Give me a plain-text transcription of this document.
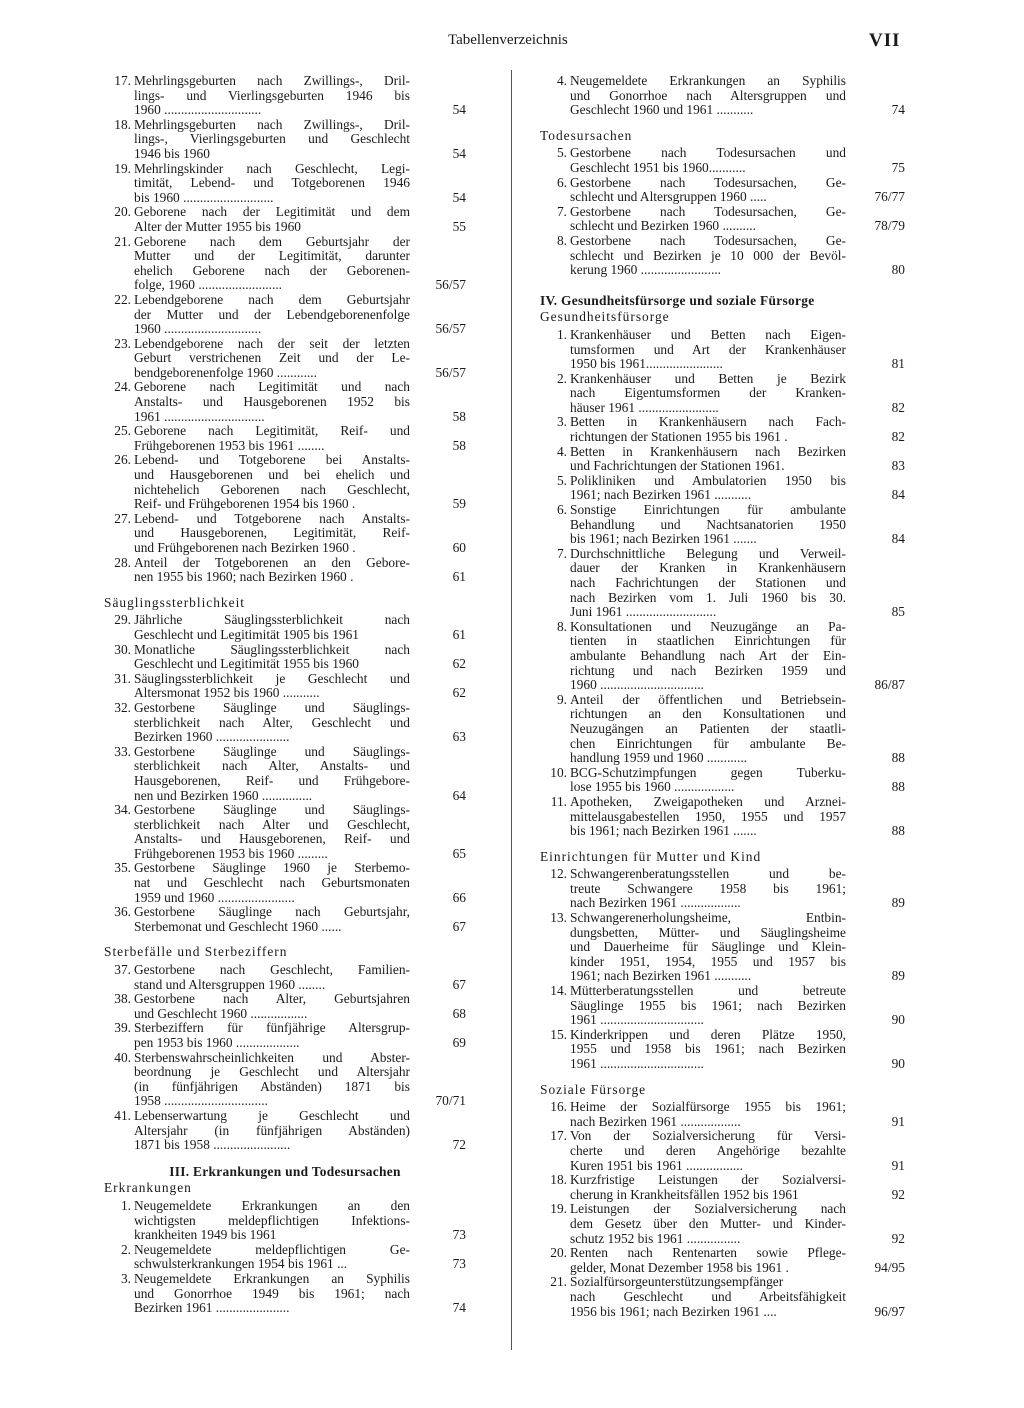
Tabellenverzeichnis	VII
17. Mehrlingsgeburten nach Zwillings-, Dril-
lings- und Vierlingsgeburten 1946 bis
1960 .............................	54
18. Mehrlingsgeburten nach Zwillings-, Dril-
lings-, Vierlingsgeburten und Geschlecht
1946 bis 1960	54
19. Mehrlingskinder nach Geschlecht, Legi-
timität, Lebend- und Totgeborenen 1946
bis 1960 ...........................	54
20. Geborene nach der Legitimität und dem
Alter der Mutter 1955 bis 1960	55
21. Geborene nach dem Geburtsjahr der
Mutter und der Legitimität, darunter
ehelich Geborene nach der Geborenen-
folge, 1960 .........................	56/57
22. Lebendgeborene nach dem Geburtsjahr
der Mutter und der Lebendgeborenenfolge
1960 .............................	56/57
23. Lebendgeborene nach der seit der letzten
Geburt verstrichenen Zeit und der Le-
bendgeborenenfolge 1960 ............	56/57
24. Geborene nach Legitimität und nach
Anstalts- und Hausgeborenen 1952 bis
1961 ..............................	58
25. Geborene nach Legitimität, Reif- und
Frühgeborenen 1953 bis 1961 ........	58
26. Lebend- und Totgeborene bei Anstalts-
und Hausgeborenen und bei ehelich und
nichtehelich Geborenen nach Geschlecht,
Reif- und Frühgeborenen 1954 bis 1960 .	59
27. Lebend- und Totgeborene nach Anstalts-
und Hausgeborenen, Legitimität, Reif-
und Frühgeborenen nach Bezirken 1960 .	60
28. Anteil der Totgeborenen an den Gebore-
nen 1955 bis 1960; nach Bezirken 1960 .	61
Säuglingssterblichkeit
29. Jährliche Säuglingssterblichkeit nach
Geschlecht und Legitimität 1905 bis 1961	61
30. Monatliche Säuglingssterblichkeit nach
Geschlecht und Legitimität 1955 bis 1960	62
31. Säuglingssterblichkeit je Geschlecht und
Altersmonat 1952 bis 1960 ...........	62
32. Gestorbene Säuglinge und Säuglings-
sterblichkeit nach Alter, Geschlecht und
Bezirken 1960 ......................	63
33. Gestorbene Säuglinge und Säuglings-
sterblichkeit nach Alter, Anstalts- und
Hausgeborenen, Reif- und Frühgebore-
nen und Bezirken 1960 ...............	64
34. Gestorbene Säuglinge und Säuglings-
sterblichkeit nach Alter und Geschlecht,
Anstalts- und Hausgeborenen, Reif- und
Frühgeborenen 1953 bis 1960 .........	65
35. Gestorbene Säuglinge 1960 je Sterbemo-
nat und Geschlecht nach Geburtsmonaten
1959 und 1960 .......................	66
36. Gestorbene Säuglinge nach Geburtsjahr,
Sterbemonat und Geschlecht 1960 ......	67
Sterbefälle und Sterbeziffern
37. Gestorbene nach Geschlecht, Familien-
stand und Altersgruppen 1960 ........	67
38. Gestorbene nach Alter, Geburtsjahren
und Geschlecht 1960 .................	68
39. Sterbeziffern für fünfjährige Altersgrup-
pen 1953 bis 1960 ...................	69
40. Sterbenswahrscheinlichkeiten und Abster-
beordnung je Geschlecht und Altersjahr
(in fünfjährigen Abständen) 1871 bis
1958 ...............................	70/71
41. Lebenserwartung je Geschlecht und
Altersjahr (in fünfjährigen Abständen)
1871 bis 1958 .......................	72
III. Erkrankungen und Todesursachen
Erkrankungen
1. Neugemeldete Erkrankungen an den
wichtigsten meldepflichtigen Infektions-
krankheiten 1949 bis 1961	73
2. Neugemeldete meldepflichtigen Ge-
schwulsterkrankungen 1954 bis 1961 ...	73
3. Neugemeldete Erkrankungen an Syphilis
und Gonorrhoe 1949 bis 1961; nach
Bezirken 1961 ......................	74
4. Neugemeldete Erkrankungen an Syphilis
und Gonorrhoe nach Altersgruppen und
Geschlecht 1960 und 1961 ...........	74
Todesursachen
5. Gestorbene nach Todesursachen und
Geschlecht 1951 bis 1960...........	75
6. Gestorbene nach Todesursachen, Ge-
schlecht und Altersgruppen 1960 .....	76/77
7. Gestorbene nach Todesursachen, Ge-
schlecht und Bezirken 1960 ..........	78/79
8. Gestorbene nach Todesursachen, Ge-
schlecht und Bezirken je 10 000 der Bevöl-
kerung 1960 ........................	80
IV. Gesundheitsfürsorge und soziale Fürsorge
Gesundheitsfürsorge
1. Krankenhäuser und Betten nach Eigen-
tumsformen und Art der Krankenhäuser
1950 bis 1961.......................	81
2. Krankenhäuser und Betten je Bezirk
nach Eigentumsformen der Kranken-
häuser 1961 ........................	82
3. Betten in Krankenhäusern nach Fach-
richtungen der Stationen 1955 bis 1961 .	82
4. Betten in Krankenhäusern nach Bezirken
und Fachrichtungen der Stationen 1961.	83
5. Polikliniken und Ambulatorien 1950 bis
1961; nach Bezirken 1961 ...........	84
6. Sonstige Einrichtungen für ambulante
Behandlung und Nachtsanatorien 1950
bis 1961; nach Bezirken 1961 .......	84
7. Durchschnittliche Belegung und Verweil-
dauer der Kranken in Krankenhäusern
nach Fachrichtungen der Stationen und
nach Bezirken vom 1. Juli 1960 bis 30.
Juni 1961 ...........................	85
8. Konsultationen und Neuzugänge an Pa-
tienten in staatlichen Einrichtungen für
ambulante Behandlung nach Art der Ein-
richtung und nach Bezirken 1959 und
1960 ...............................	86/87
9. Anteil der öffentlichen und Betriebsein-
richtungen an den Konsultationen und
Neuzugängen an Patienten der staatli-
chen Einrichtungen für ambulante Be-
handlung 1959 und 1960 ............	88
10. BCG-Schutzimpfungen gegen Tuberku-
lose 1955 bis 1960 ..................	88
11. Apotheken, Zweigapotheken und Arznei-
mittelausgabestellen 1950, 1955 und 1957
bis 1961; nach Bezirken 1961 .......	88
Einrichtungen für Mutter und Kind
12. Schwangerenberatungsstellen und be-
treute Schwangere 1958 bis 1961;
nach Bezirken 1961 ..................	89
13. Schwangerenerholungsheime, Entbin-
dungsbetten, Mütter- und Säuglingsheime
und Dauerheime für Säuglinge und Klein-
kinder 1951, 1954, 1955 und 1957 bis
1961; nach Bezirken 1961 ...........	89
14. Mütterberatungsstellen und betreute
Säuglinge 1955 bis 1961; nach Bezirken
1961 ...............................	90
15. Kinderkrippen und deren Plätze 1950,
1955 und 1958 bis 1961; nach Bezirken
1961 ...............................	90
Soziale Fürsorge
16. Heime der Sozialfürsorge 1955 bis 1961;
nach Bezirken 1961 ..................	91
17. Von der Sozialversicherung für Versi-
cherte und deren Angehörige bezahlte
Kuren 1951 bis 1961 .................	91
18. Kurzfristige Leistungen der Sozialversi-
cherung in Krankheitsfällen 1952 bis 1961	92
19. Leistungen der Sozialversicherung nach
dem Gesetz über den Mutter- und Kinder-
schutz 1952 bis 1961 ................	92
20. Renten nach Rentenarten sowie Pflege-
gelder, Monat Dezember 1958 bis 1961 .	94/95
21. Sozialfürsorgeunterstützungsempfänger
nach Geschlecht und Arbeitsfähigkeit
1956 bis 1961; nach Bezirken 1961 ....	96/97
